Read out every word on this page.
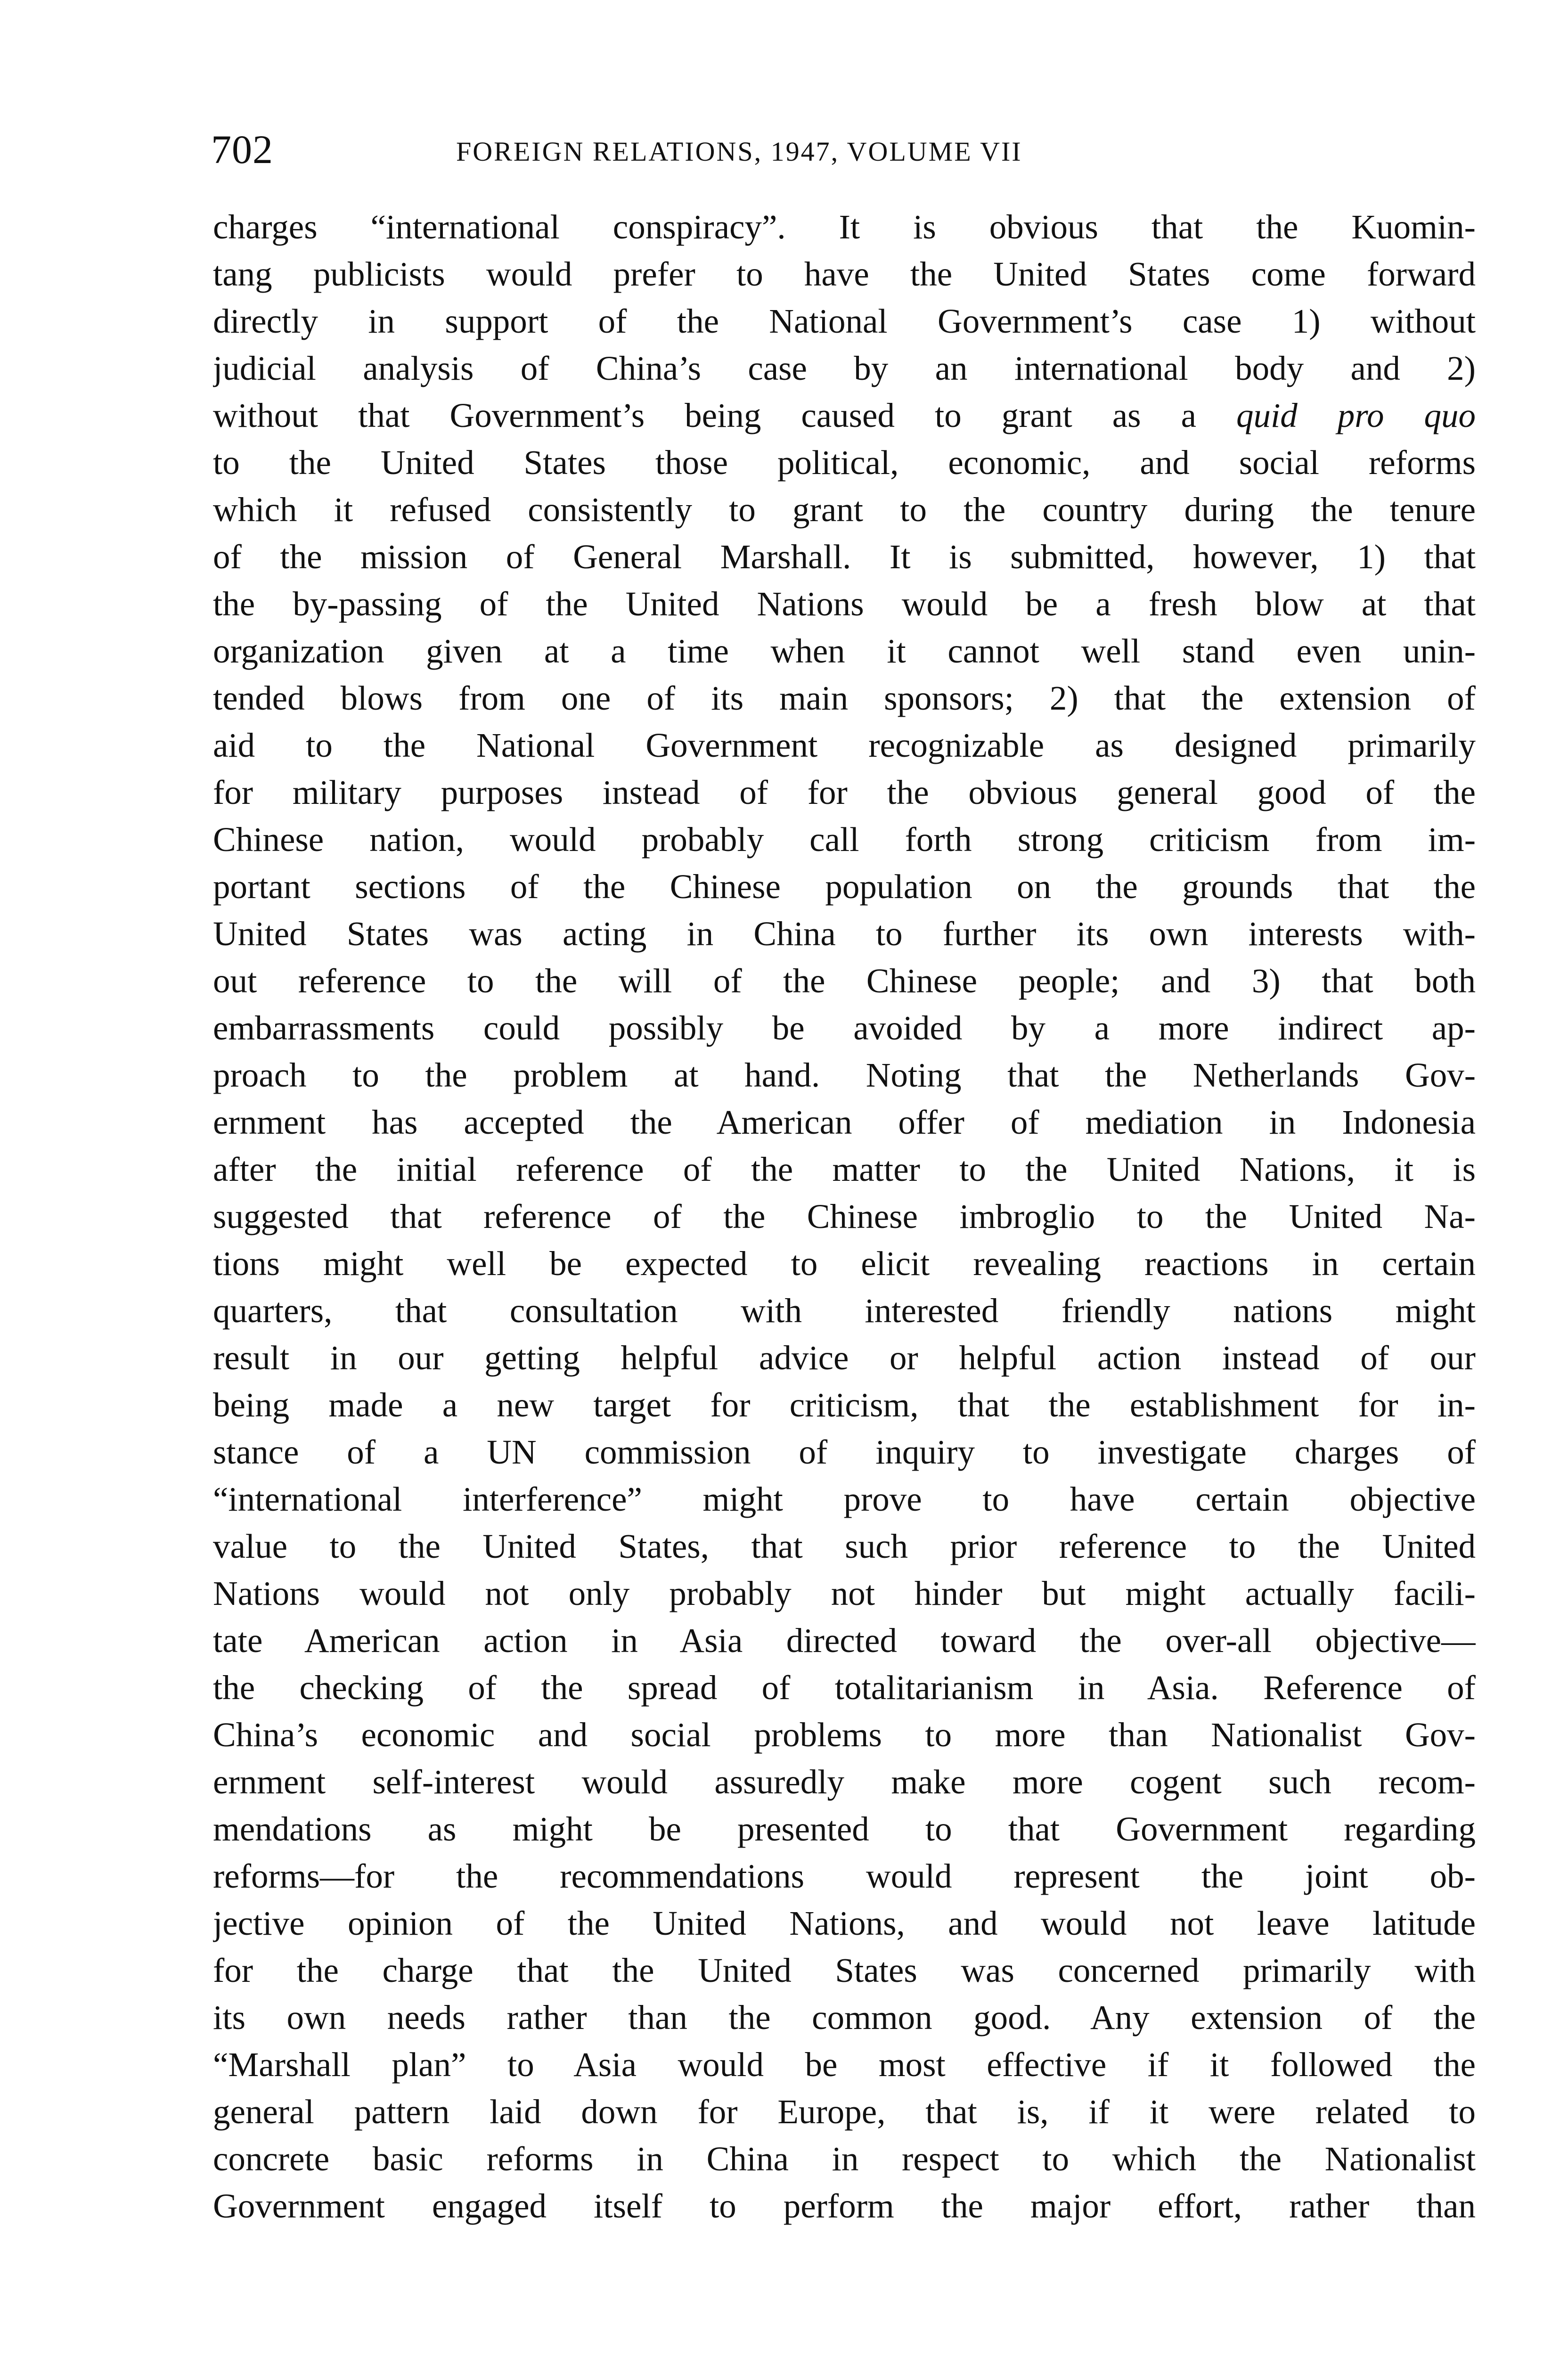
702	FOREIGN RELATIONS, 1947, VOLUME VII
charges “international conspiracy”. It is obvious that the Kuomin-
tang publicists would prefer to have the United States come forward
directly in support of the National Government’s case 1) without
judicial analysis of China’s case by an international body and 2)
without that Government’s being caused to grant as a quid pro quo
to the United States those political, economic, and social reforms
which it refused consistently to grant to the country during the tenure
of the mission of General Marshall. It is submitted, however, 1) that
the by-passing of the United Nations would be a fresh blow at that
organization given at a time when it cannot well stand even unin-
tended blows from one of its main sponsors; 2) that the extension of
aid to the National Government recognizable as designed primarily
for military purposes instead of for the obvious general good of the
Chinese nation, would probably call forth strong criticism from im-
portant sections of the Chinese population on the grounds that the
United States was acting in China to further its own interests with-
out reference to the will of the Chinese people; and 3) that both
embarrassments could possibly be avoided by a more indirect ap-
proach to the problem at hand. Noting that the Netherlands Gov-
ernment has accepted the American offer of mediation in Indonesia
after the initial reference of the matter to the United Nations, it is
suggested that reference of the Chinese imbroglio to the United Na-
tions might well be expected to elicit revealing reactions in certain
quarters, that consultation with interested friendly nations might
result in our getting helpful advice or helpful action instead of our
being made a new target for criticism, that the establishment for in-
stance of a UN commission of inquiry to investigate charges of
“international interference” might prove to have certain objective
value to the United States, that such prior reference to the United
Nations would not only probably not hinder but might actually facili-
tate American action in Asia directed toward the over-all objective—
the checking of the spread of totalitarianism in Asia. Reference of
China’s economic and social problems to more than Nationalist Gov-
ernment self-interest would assuredly make more cogent such recom-
mendations as might be presented to that Government regarding
reforms—for the recommendations would represent the joint ob-
jective opinion of the United Nations, and would not leave latitude
for the charge that the United States was concerned primarily with
its own needs rather than the common good. Any extension of the
“Marshall plan” to Asia would be most effective if it followed the
general pattern laid down for Europe, that is, if it were related to
concrete basic reforms in China in respect to which the Nationalist
Government engaged itself to perform the major effort, rather than
